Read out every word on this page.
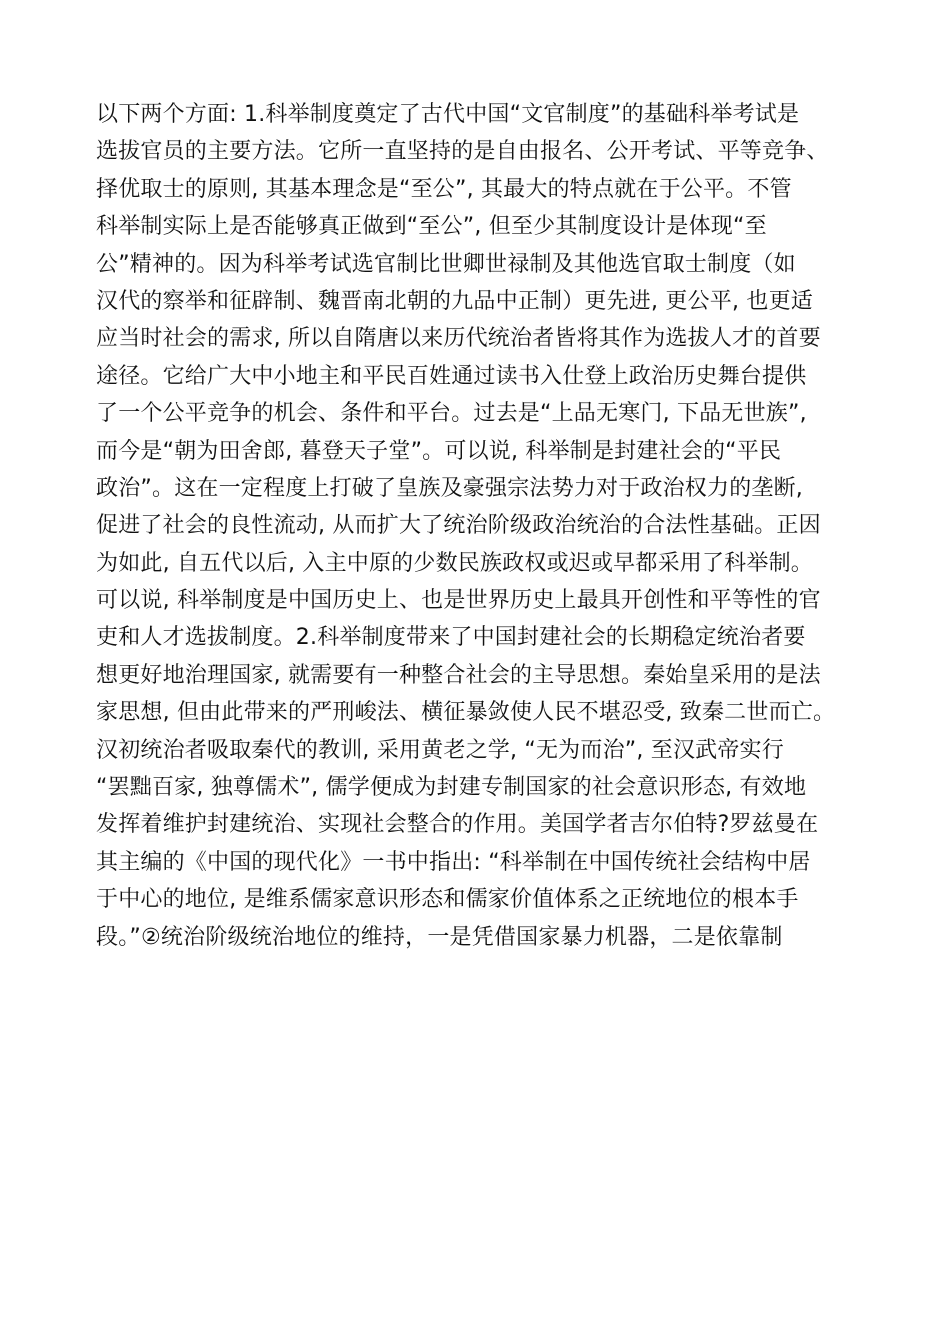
以下两个方面: 1.科举制度奠定了古代中国“文官制度”的基础科举考试是
选拔官员的主要方法。它所一直坚持的是自由报名、公开考试、平等竞争、
择优取士的原则, 其基本理念是“至公”, 其最大的特点就在于公平。不管
科举制实际上是否能够真正做到“至公”, 但至少其制度设计是体现“至
公”精神的。因为科举考试选官制比世卿世禄制及其他选官取士制度（如
汉代的察举和征辟制、魏晋南北朝的九品中正制）更先进, 更公平, 也更适
应当时社会的需求, 所以自隋唐以来历代统治者皆将其作为选拔人才的首要
途径。它给广大中小地主和平民百姓通过读书入仕登上政治历史舞台提供
了一个公平竞争的机会、条件和平台。过去是“上品无寒门, 下品无世族”,
而今是“朝为田舍郎, 暮登天子堂”。可以说, 科举制是封建社会的“平民
政治”。这在一定程度上打破了皇族及豪强宗法势力对于政治权力的垄断,
促进了社会的良性流动, 从而扩大了统治阶级政治统治的合法性基础。正因
为如此, 自五代以后, 入主中原的少数民族政权或迟或早都采用了科举制。
可以说, 科举制度是中国历史上、也是世界历史上最具开创性和平等性的官
吏和人才选拔制度。2.科举制度带来了中国封建社会的长期稳定统治者要
想更好地治理国家, 就需要有一种整合社会的主导思想。秦始皇采用的是法
家思想, 但由此带来的严刑峻法、横征暴敛使人民不堪忍受, 致秦二世而亡。
汉初统治者吸取秦代的教训, 采用黄老之学, “无为而治”, 至汉武帝实行
“罢黜百家, 独尊儒术”, 儒学便成为封建专制国家的社会意识形态, 有效地
发挥着维护封建统治、实现社会整合的作用。美国学者吉尔伯特?罗兹曼在
其主编的《中国的现代化》一书中指出: “科举制在中国传统社会结构中居
于中心的地位, 是维系儒家意识形态和儒家价值体系之正统地位的根本手
段。”②统治阶级统治地位的维持，一是凭借国家暴力机器，二是依靠制
